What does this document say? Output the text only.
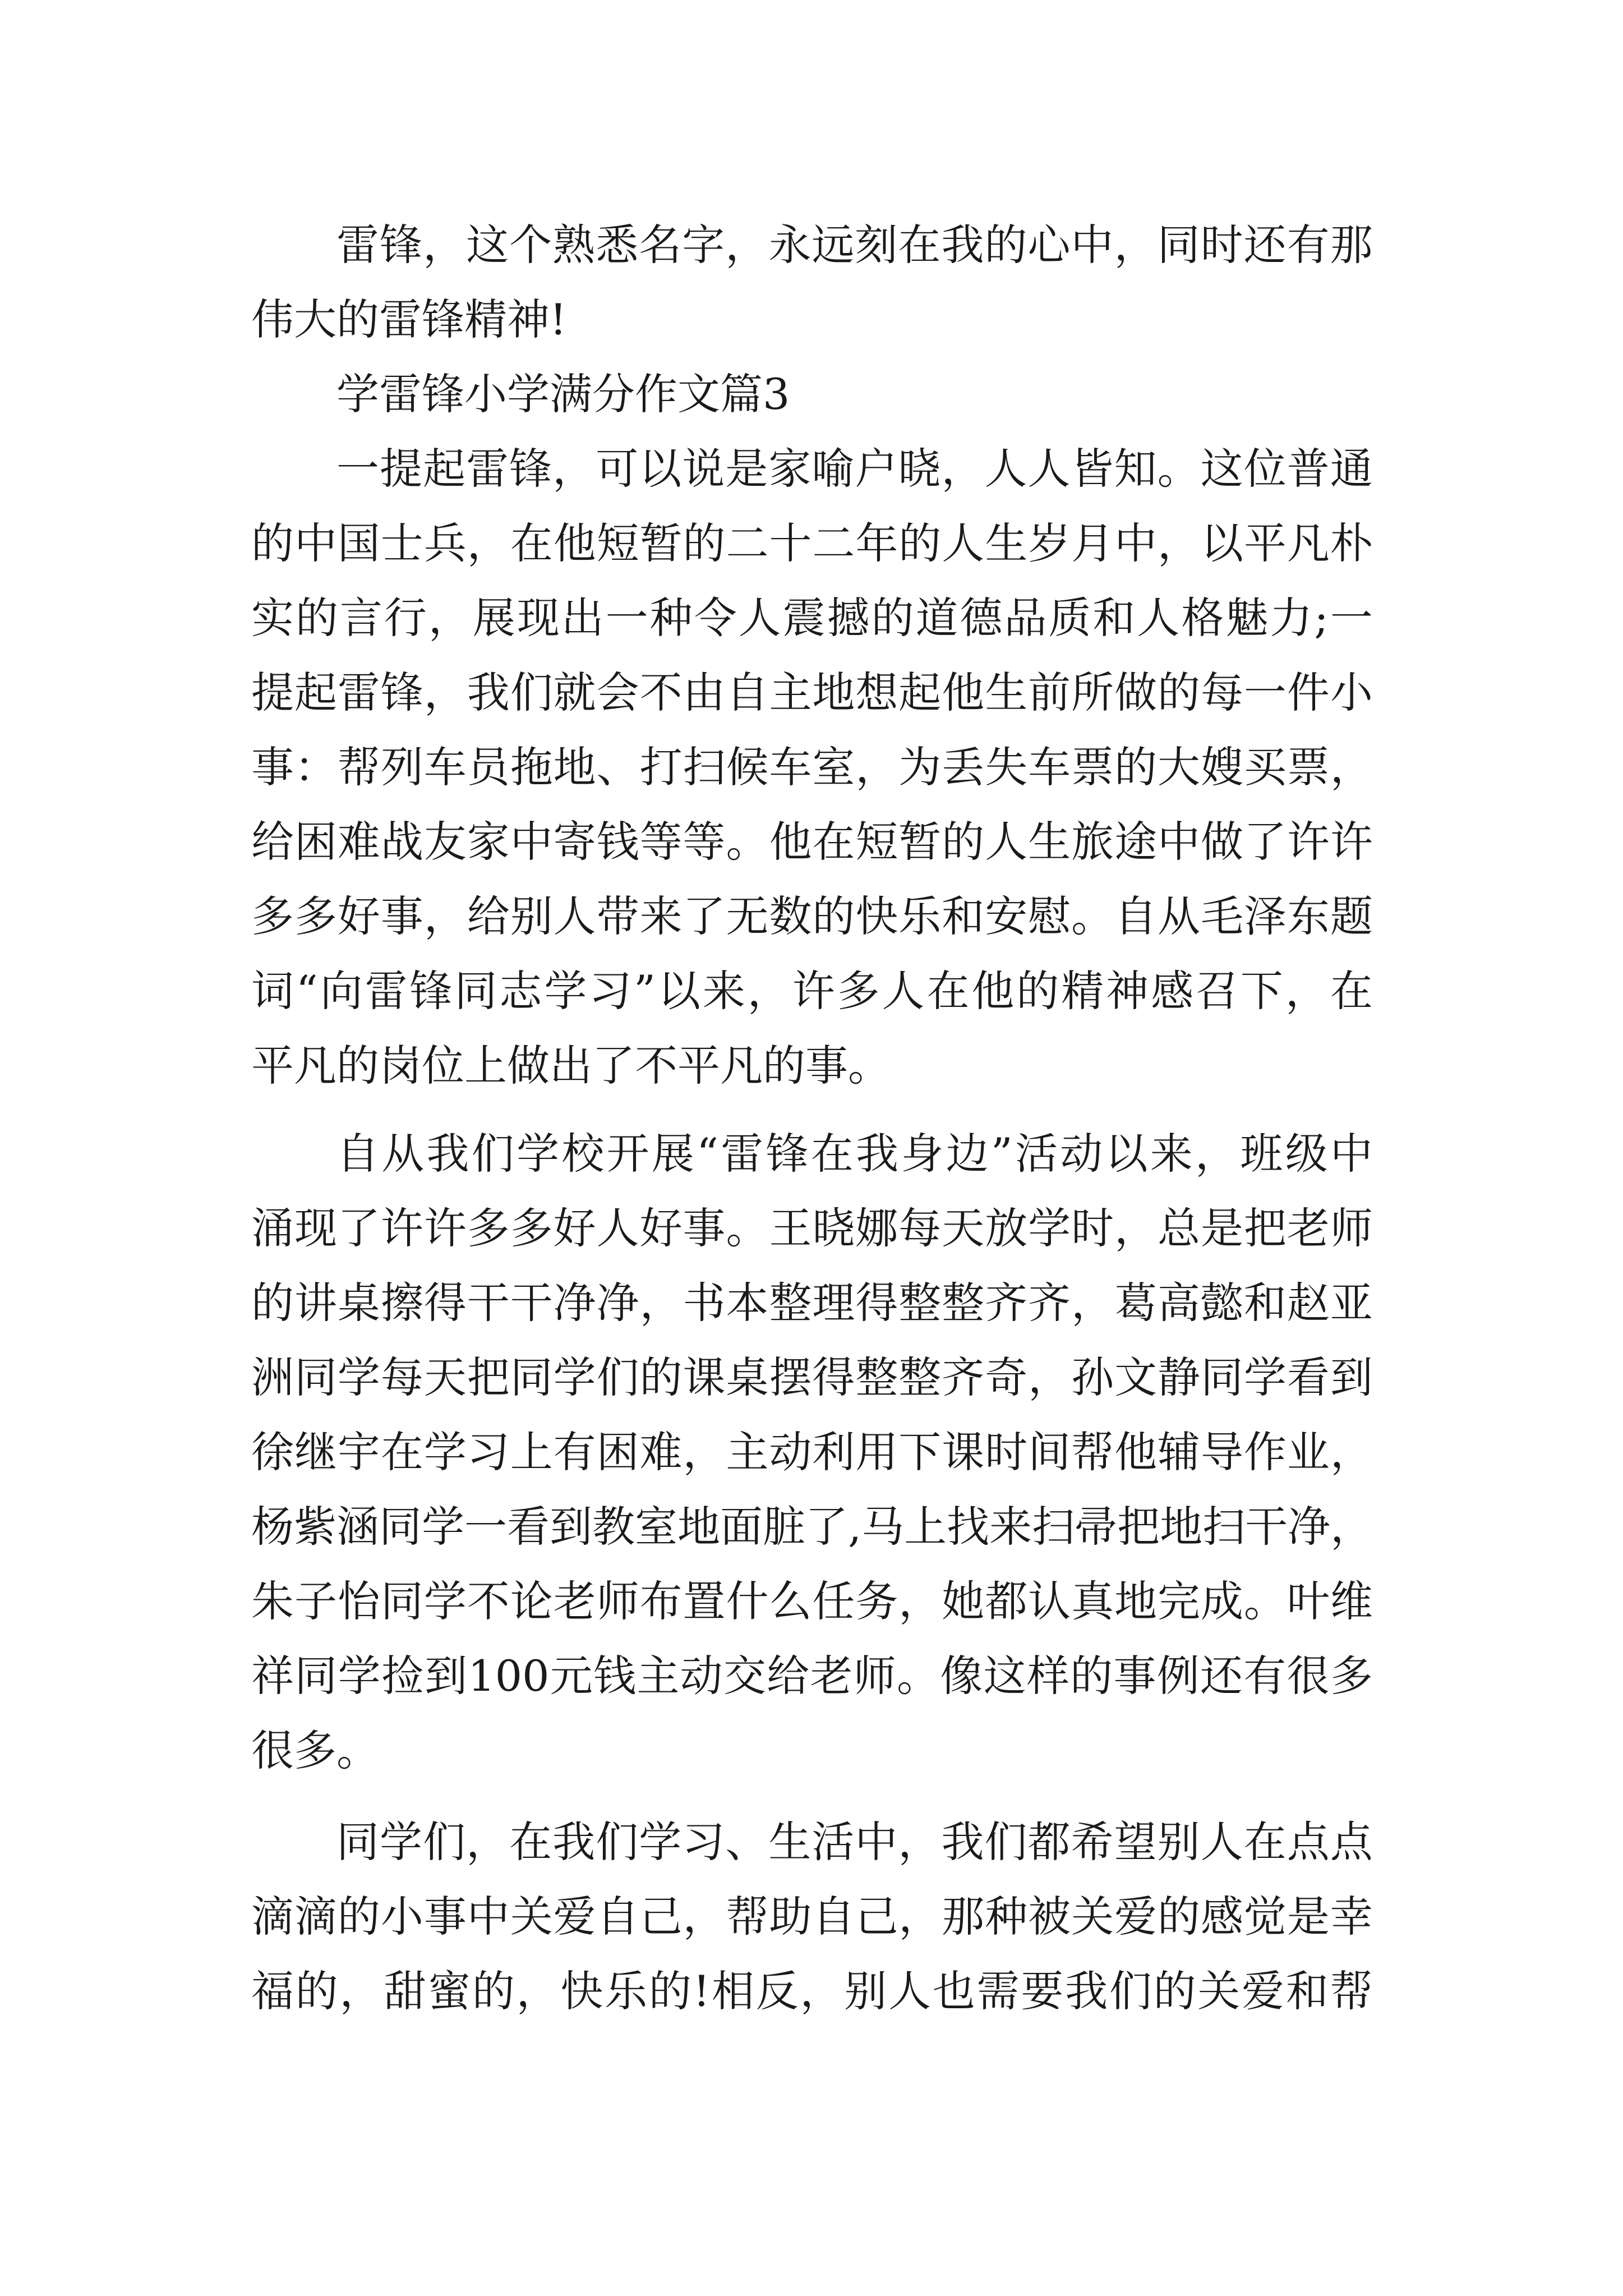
雷 锋 ， 这 个 熟 悉 名 字 ， 永 远 刻 在 我 的 心 中 ， 同 时 还 有 那
伟大的雷锋精神!
学雷锋小学满分作文篇3
一 提 起 雷 锋 ， 可 以 说 是 家 喻 户 晓 ， 人 人 皆 知 。 这 位 普 通
的 中 国 士 兵 ， 在 他 短 暂 的 二 十 二 年 的 人 生 岁 月 中 ， 以 平 凡 朴
实 的 言 行 ， 展 现 出 一 种 令 人 震 撼 的 道 德 品 质 和 人 格 魅 力 ; 一
提 起 雷 锋 ， 我 们 就 会 不 由 自 主 地 想 起 他 生 前 所 做 的 每 一 件 小
事 ： 帮 列 车 员 拖 地 、 打 扫 候 车 室 ， 为 丢 失 车 票 的 大 嫂 买 票 ，
给 困 难 战 友 家 中 寄 钱 等 等 。 他 在 短 暂 的 人 生 旅 途 中 做 了 许 许
多 多 好 事 ， 给 别 人 带 来 了 无 数 的 快 乐 和 安 慰 。 自 从 毛 泽 东 题
词 “ 向 雷 锋 同 志 学 习 ” 以 来 ， 许 多 人 在 他 的 精 神 感 召 下 ， 在
平凡的岗位上做出了不平凡的事。
自 从 我 们 学 校 开 展 “ 雷 锋 在 我 身 边 ” 活 动 以 来 ， 班 级 中
涌 现 了 许 许 多 多 好 人 好 事 。 王 晓 娜 每 天 放 学 时 ， 总 是 把 老 师
的 讲 桌 擦 得 干 干 净 净 ， 书 本 整 理 得 整 整 齐 齐 ， 葛 高 懿 和 赵 亚
洲 同 学 每 天 把 同 学 们 的 课 桌 摆 得 整 整 齐 奇 ， 孙 文 静 同 学 看 到
徐 继 宇 在 学 习 上 有 困 难 ， 主 动 利 用 下 课 时 间 帮 他 辅 导 作 业 ，
杨 紫 涵 同 学 一 看 到 教 室 地 面 脏 了 , 马 上 找 来 扫 帚 把 地 扫 干 净 ，
朱 子 怡 同 学 不 论 老 师 布 置 什 么 任 务 ， 她 都 认 真 地 完 成 。 叶 维
祥 同 学 捡 到 100 元 钱 主 动 交 给 老 师 。 像 这 样 的 事 例 还 有 很 多
很多。
同 学 们 ， 在 我 们 学 习 、 生 活 中 ， 我 们 都 希 望 别 人 在 点 点
滴 滴 的 小 事 中 关 爱 自 己 ， 帮 助 自 己 ， 那 种 被 关 爱 的 感 觉 是 幸
福 的 ， 甜 蜜 的 ， 快 乐 的 ! 相 反 ， 别 人 也 需 要 我 们 的 关 爱 和 帮
